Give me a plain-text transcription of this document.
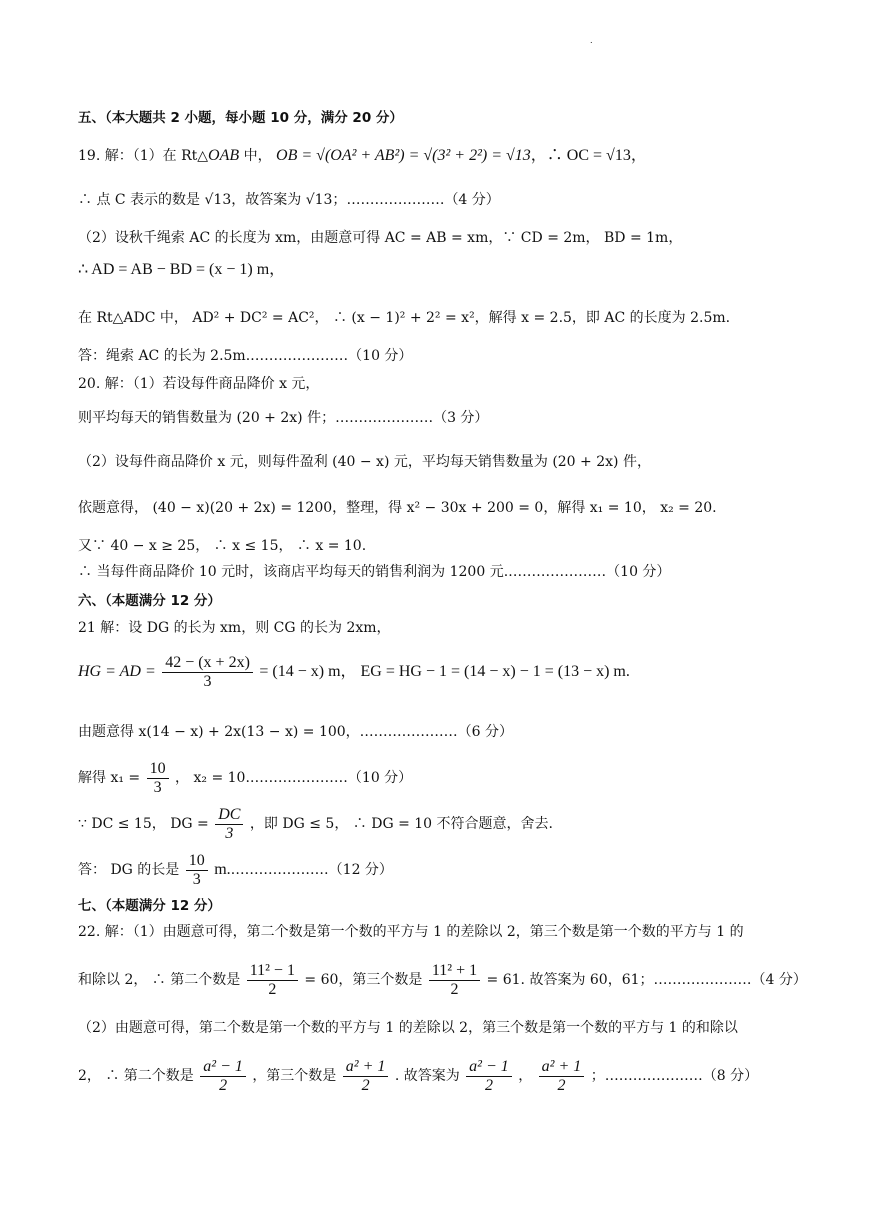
.
五、（本大题共 2 小题，每小题 10 分，满分 20 分）
19. 解：（1）在 Rt△OAB 中， OB = √(OA² + AB²) = √(3² + 2²) = √13，∴ OC = √13，
∴ 点 C 表示的数是 √13，故答案为 √13；…………………（4 分）
（2）设秋千绳索 AC 的长度为 xm，由题意可得 AC = AB = xm，∵ CD = 2m， BD = 1m，
∴ AD = AB − BD = (x − 1) m，
在 Rt△ADC 中， AD² + DC² = AC²， ∴ (x − 1)² + 2² = x²，解得 x = 2.5，即 AC 的长度为 2.5m.
答：绳索 AC 的长为 2.5m.…………………（10 分）
20. 解：（1）若设每件商品降价 x 元，
则平均每天的销售数量为 (20 + 2x) 件；…………………（3 分）
（2）设每件商品降价 x 元，则每件盈利 (40 − x) 元，平均每天销售数量为 (20 + 2x) 件，
依题意得， (40 − x)(20 + 2x) = 1200，整理，得 x² − 30x + 200 = 0，解得 x₁ = 10， x₂ = 20.
又∵ 40 − x ≥ 25， ∴ x ≤ 15， ∴ x = 10.
∴ 当每件商品降价 10 元时，该商店平均每天的销售利润为 1200 元.…………………（10 分）
六、（本题满分 12 分）
21 解：设 DG 的长为 xm，则 CG 的长为 2xm，
HG = AD = $\frac{42 - (x + 2x)}{3} = (14 - x)$ m， EG = HG − 1 = (14 − x) − 1 = (13 − x) m.
由题意得 x(14 − x) + 2x(13 − x) = 100，…………………（6 分）
解得 $x_1 = \frac{10}{3}$ ， x₂ = 10.…………………（10 分）
∵ DC ≤ 15， DG = $\frac{DC}{3}$ ，即 DG ≤ 5， ∴ DG = 10 不符合题意，舍去.
答： DG 的长是 $\frac{10}{3}$ m.…………………（12 分）
七、（本题满分 12 分）
22. 解：（1）由题意可得，第二个数是第一个数的平方与 1 的差除以 2，第三个数是第一个数的平方与 1 的
和除以 2， ∴ 第二个数是 $\frac{\text{11² − 1}}{2} = 60$，第三个数是 $\frac{\text{11² + 1}}{2} = 61$. 故答案为 60，61；…………………（4 分）
（2）由题意可得，第二个数是第一个数的平方与 1 的差除以 2，第三个数是第一个数的平方与 1 的和除以
2， ∴ 第二个数是 $\frac{\text{a² − 1}}{2}$ ，第三个数是 $\frac{\text{a² + 1}}{2}$ . 故答案为 $\frac{\text{a² − 1}}{2}$ ， $\frac{\text{a² + 1}}{2}$ ；…………………（8 分）
